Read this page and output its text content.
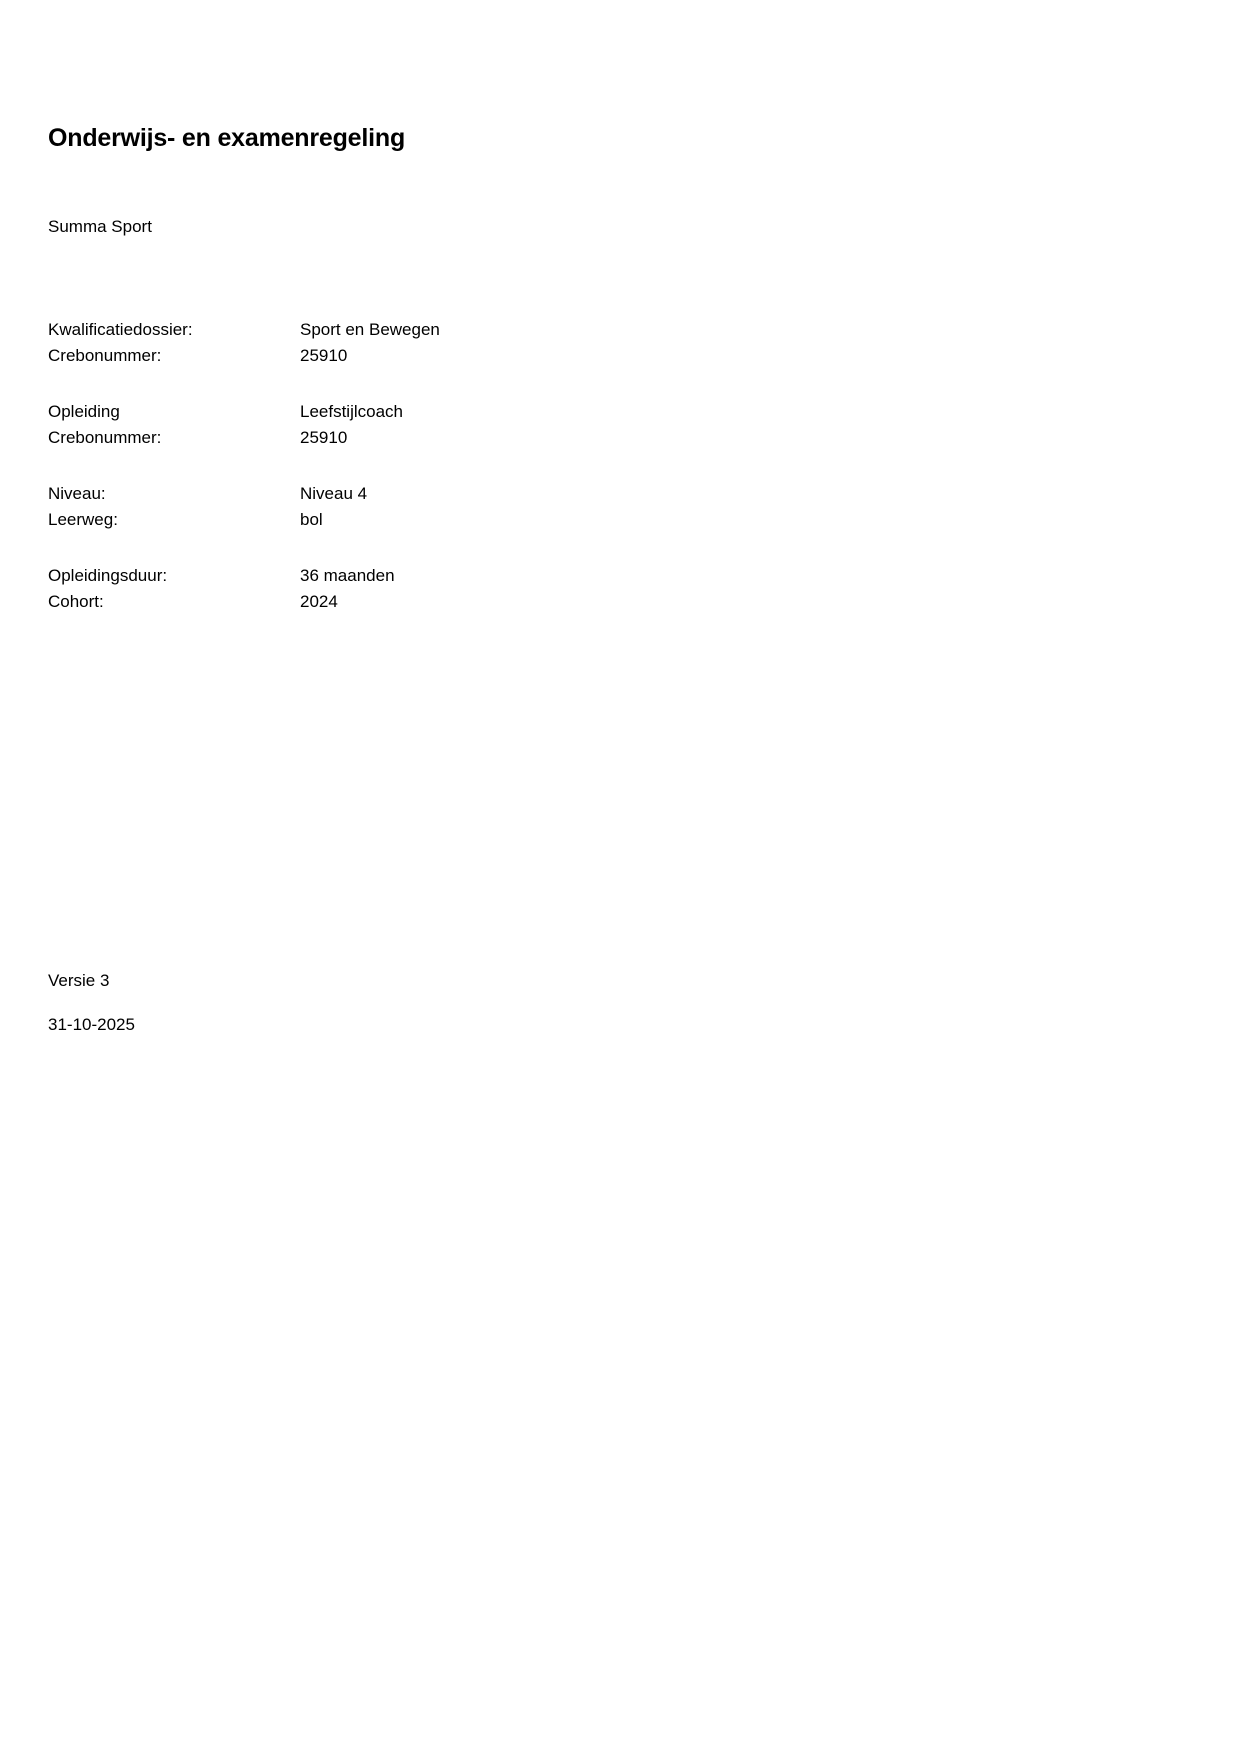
Onderwijs- en examenregeling

Summa Sport

Kwalificatiedossier:	Sport en Bewegen
Crebonummer:	25910
Opleiding	Leefstijlcoach
Crebonummer:	25910
Niveau:	Niveau 4
Leerweg:	bol
Opleidingsduur:	36 maanden
Cohort:	2024

Versie 3

31-10-2025
